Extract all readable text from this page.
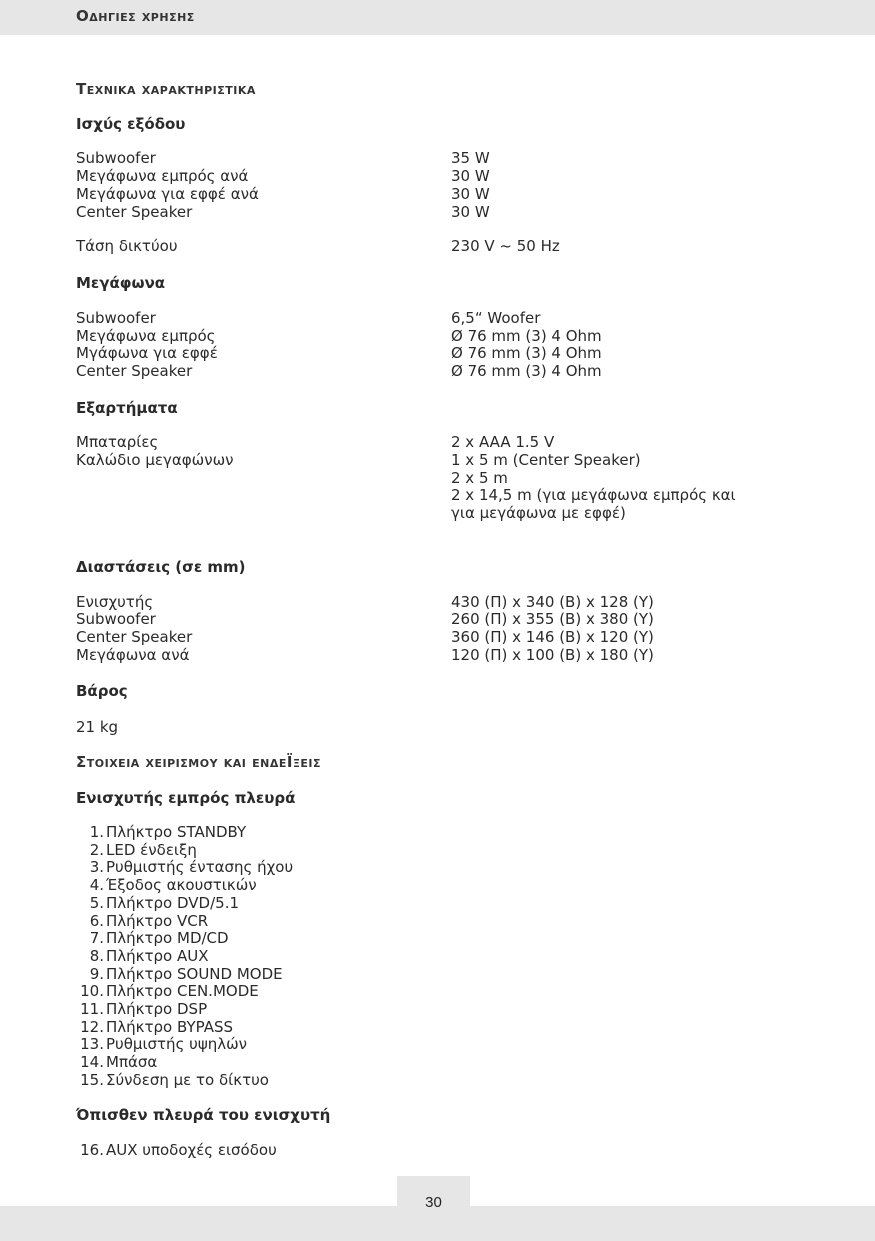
Οδηγιες χρησης
Τεχνικα χαρακτηριστικα
Ισχύς εξόδου
Subwoofer	35 W
Μεγάφωνα εμπρός ανά	30 W
Μεγάφωνα για εφφέ ανά	30 W
Center Speaker	30 W
Τάση δικτύου	230 V ~ 50 Hz
Μεγάφωνα
Subwoofer	6,5“ Woofer
Μεγάφωνα εμπρός	Ø 76 mm (3) 4 Ohm
Μγάφωνα για εφφέ	Ø 76 mm (3) 4 Ohm
Center Speaker	Ø 76 mm (3) 4 Ohm
Εξαρτήματα
Μπαταρίες	2 x AAA 1.5 V
Καλώδιο μεγαφώνων	1 x 5 m (Center Speaker)
2 x 5 m
2 x 14,5 m (για μεγάφωνα εμπρός και
για μεγάφωνα με εφφέ)
Διαστάσεις (σε mm)
Ενισχυτής	430 (Π) x 340 (Β) x 128 (Υ)
Subwoofer	260 (Π) x 355 (Β) x 380 (Υ)
Center Speaker	360 (Π) x 146 (Β) x 120 (Υ)
Μεγάφωνα ανά	120 (Π) x 100 (Β) x 180 (Υ)
Βάρος
21 kg
Στοιχεια χειρισμου και ενδεΪξεις
Ενισχυτής εμπρός πλευρά
1. Πλήκτρο STANDBY
2. LED ένδειξη
3. Ρυθμιστής έντασης ήχου
4. Έξοδος ακουστικών
5. Πλήκτρο DVD/5.1
6. Πλήκτρο VCR
7. Πλήκτρο MD/CD
8. Πλήκτρο AUX
9. Πλήκτρο SOUND MODE
10. Πλήκτρο CEN.MODE
11. Πλήκτρο DSP
12. Πλήκτρο BYPASS
13. Ρυθμιστής υψηλών
14. Μπάσα
15. Σύνδεση με το δίκτυο
Όπισθεν πλευρά του ενισχυτή
16. AUX υποδοχές εισόδου
30
